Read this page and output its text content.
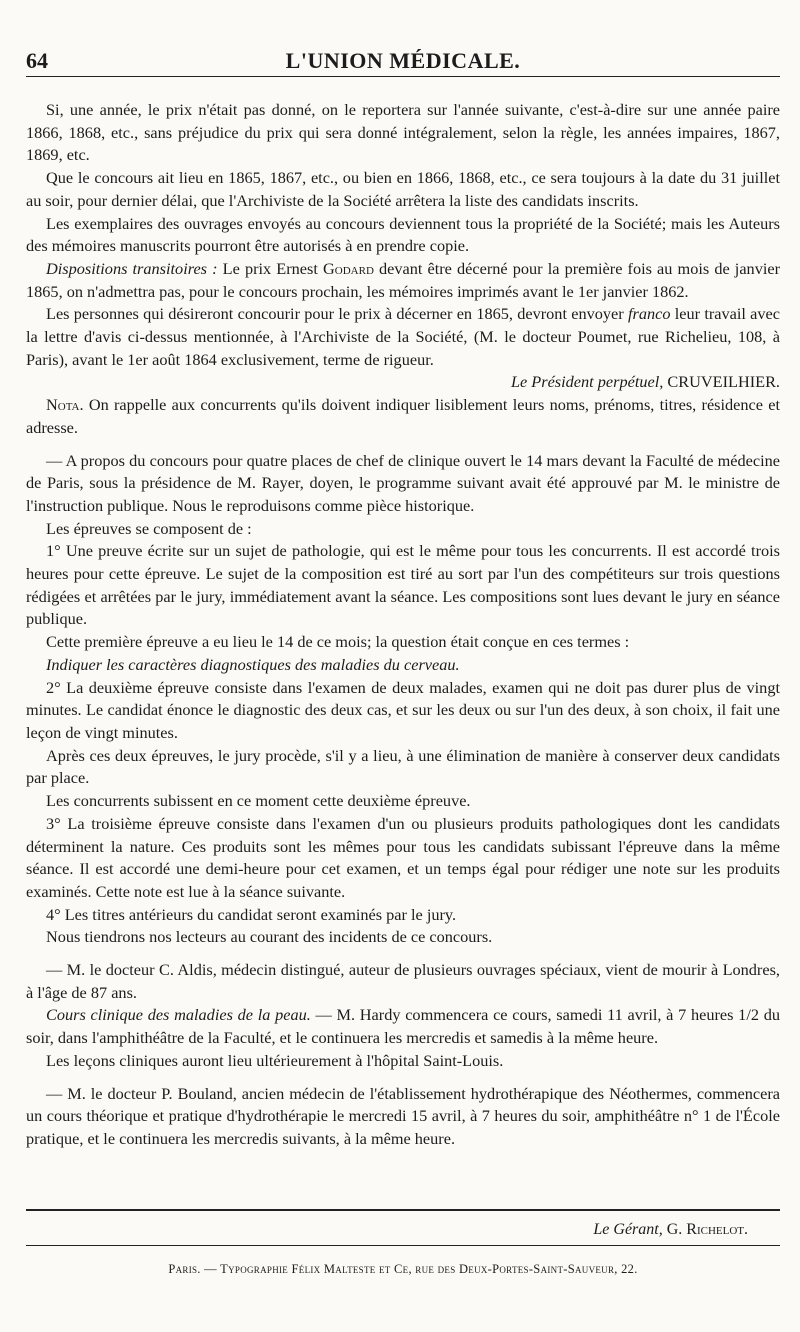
64	L'UNION MÉDICALE.

Si, une année, le prix n'était pas donné, on le reportera sur l'année suivante, c'est-à-dire sur une année paire 1866, 1868, etc., sans préjudice du prix qui sera donné intégralement, selon la règle, les années impaires, 1867, 1869, etc.

Que le concours ait lieu en 1865, 1867, etc., ou bien en 1866, 1868, etc., ce sera toujours à la date du 31 juillet au soir, pour dernier délai, que l'Archiviste de la Société arrêtera la liste des candidats inscrits.

Les exemplaires des ouvrages envoyés au concours deviennent tous la propriété de la Société; mais les Auteurs des mémoires manuscrits pourront être autorisés à en prendre copie.

Dispositions transitoires : Le prix Ernest Godard devant être décerné pour la première fois au mois de janvier 1865, on n'admettra pas, pour le concours prochain, les mémoires imprimés avant le 1er janvier 1862.

Les personnes qui désireront concourir pour le prix à décerner en 1865, devront envoyer franco leur travail avec la lettre d'avis ci-dessus mentionnée, à l'Archiviste de la Société, (M. le docteur Poumet, rue Richelieu, 108, à Paris), avant le 1er août 1864 exclusivement, terme de rigueur.

Le Président perpétuel, CRUVEILHIER.

Nota. On rappelle aux concurrents qu'ils doivent indiquer lisiblement leurs noms, prénoms, titres, résidence et adresse.

— A propos du concours pour quatre places de chef de clinique ouvert le 14 mars devant la Faculté de médecine de Paris, sous la présidence de M. Rayer, doyen, le programme suivant avait été approuvé par M. le ministre de l'instruction publique. Nous le reproduisons comme pièce historique.

Les épreuves se composent de :

1° Une preuve écrite sur un sujet de pathologie, qui est le même pour tous les concurrents. Il est accordé trois heures pour cette épreuve. Le sujet de la composition est tiré au sort par l'un des compétiteurs sur trois questions rédigées et arrêtées par le jury, immédiatement avant la séance. Les compositions sont lues devant le jury en séance publique.

Cette première épreuve a eu lieu le 14 de ce mois; la question était conçue en ces termes :

Indiquer les caractères diagnostiques des maladies du cerveau.

2° La deuxième épreuve consiste dans l'examen de deux malades, examen qui ne doit pas durer plus de vingt minutes. Le candidat énonce le diagnostic des deux cas, et sur les deux ou sur l'un des deux, à son choix, il fait une leçon de vingt minutes.

Après ces deux épreuves, le jury procède, s'il y a lieu, à une élimination de manière à conserver deux candidats par place.

Les concurrents subissent en ce moment cette deuxième épreuve.

3° La troisième épreuve consiste dans l'examen d'un ou plusieurs produits pathologiques dont les candidats déterminent la nature. Ces produits sont les mêmes pour tous les candidats subissant l'épreuve dans la même séance. Il est accordé une demi-heure pour cet examen, et un temps égal pour rédiger une note sur les produits examinés. Cette note est lue à la séance suivante.

4° Les titres antérieurs du candidat seront examinés par le jury.

Nous tiendrons nos lecteurs au courant des incidents de ce concours.

— M. le docteur C. Aldis, médecin distingué, auteur de plusieurs ouvrages spéciaux, vient de mourir à Londres, à l'âge de 87 ans.

Cours clinique des maladies de la peau. — M. Hardy commencera ce cours, samedi 11 avril, à 7 heures 1/2 du soir, dans l'amphithéâtre de la Faculté, et le continuera les mercredis et samedis à la même heure.

Les leçons cliniques auront lieu ultérieurement à l'hôpital Saint-Louis.

— M. le docteur P. Bouland, ancien médecin de l'établissement hydrothérapique des Néothermes, commencera un cours théorique et pratique d'hydrothérapie le mercredi 15 avril, à 7 heures du soir, amphithéâtre n° 1 de l'École pratique, et le continuera les mercredis suivants, à la même heure.

Le Gérant, G. Richelot.
Paris. — Typographie Félix Malteste et Ce, rue des Deux-Portes-Saint-Sauveur, 22.
